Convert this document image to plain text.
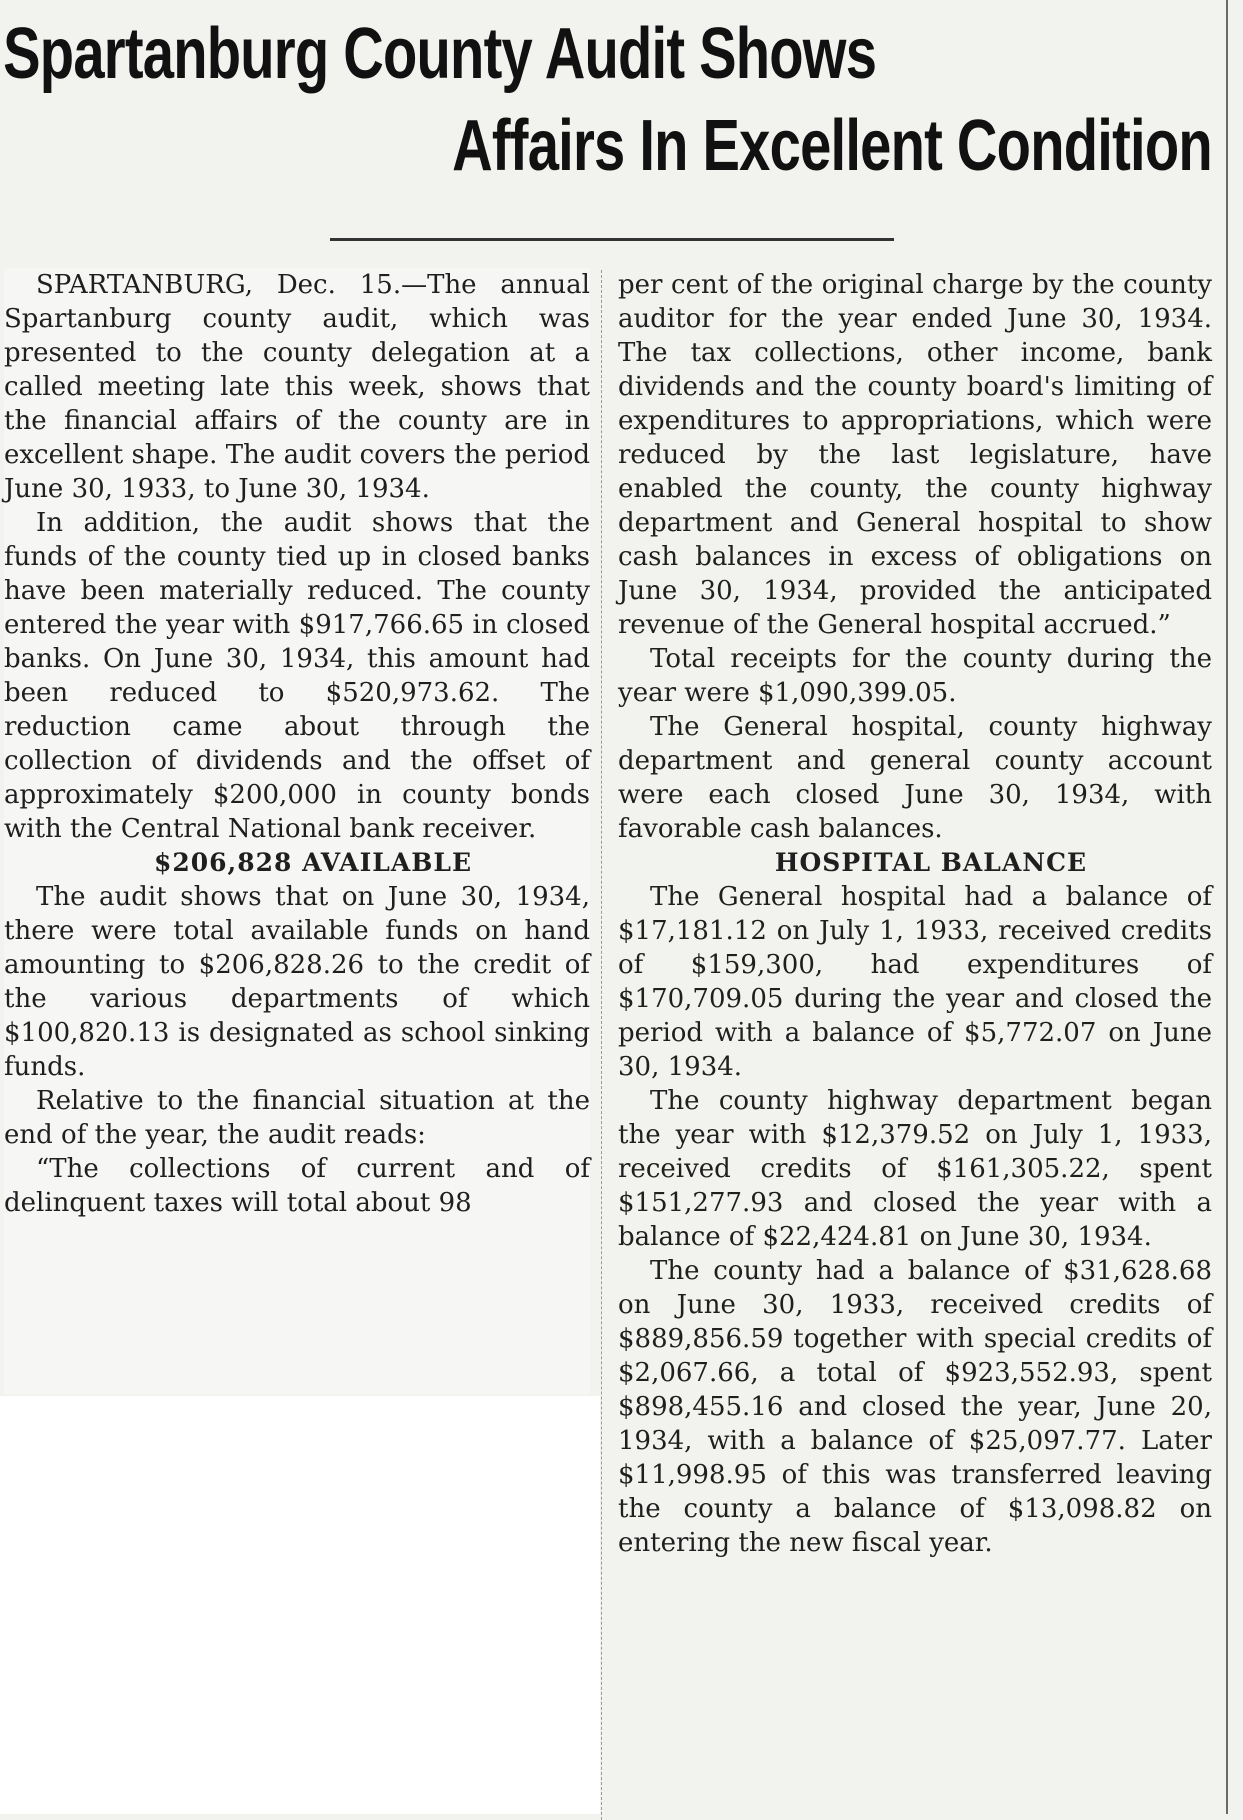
Spartanburg County Audit Shows
Affairs In Excellent Condition

SPARTANBURG, Dec. 15.—The annual Spartanburg county audit, which was presented to the county delegation at a called meeting late this week, shows that the financial affairs of the county are in excellent shape. The audit covers the period June 30, 1933, to June 30, 1934.

In addition, the audit shows that the funds of the county tied up in closed banks have been materially reduced. The county entered the year with $917,766.65 in closed banks. On June 30, 1934, this amount had been reduced to $520,973.62. The reduction came about through the collection of dividends and the offset of approximately $200,000 in county bonds with the Central National bank receiver.

$206,828 AVAILABLE

The audit shows that on June 30, 1934, there were total available funds on hand amounting to $206,828.26 to the credit of the various departments of which $100,820.13 is designated as school sinking funds.

Relative to the financial situation at the end of the year, the audit reads:

“The collections of current and of delinquent taxes will total about 98

per cent of the original charge by the county auditor for the year ended June 30, 1934. The tax collections, other income, bank dividends and the county board's limiting of expenditures to appropriations, which were reduced by the last legislature, have enabled the county, the county highway department and General hospital to show cash balances in excess of obligations on June 30, 1934, provided the anticipated revenue of the General hospital accrued.”

Total receipts for the county during the year were $1,090,399.05.

The General hospital, county highway department and general county account were each closed June 30, 1934, with favorable cash balances.

HOSPITAL BALANCE

The General hospital had a balance of $17,181.12 on July 1, 1933, received credits of $159,300, had expenditures of $170,709.05 during the year and closed the period with a balance of $5,772.07 on June 30, 1934.

The county highway department began the year with $12,379.52 on July 1, 1933, received credits of $161,305.22, spent $151,277.93 and closed the year with a balance of $22,424.81 on June 30, 1934.

The county had a balance of $31,628.68 on June 30, 1933, received credits of $889,856.59 together with special credits of $2,067.66, a total of $923,552.93, spent $898,455.16 and closed the year, June 20, 1934, with a balance of $25,097.77. Later $11,998.95 of this was transferred leaving the county a balance of $13,098.82 on entering the new fiscal year.
